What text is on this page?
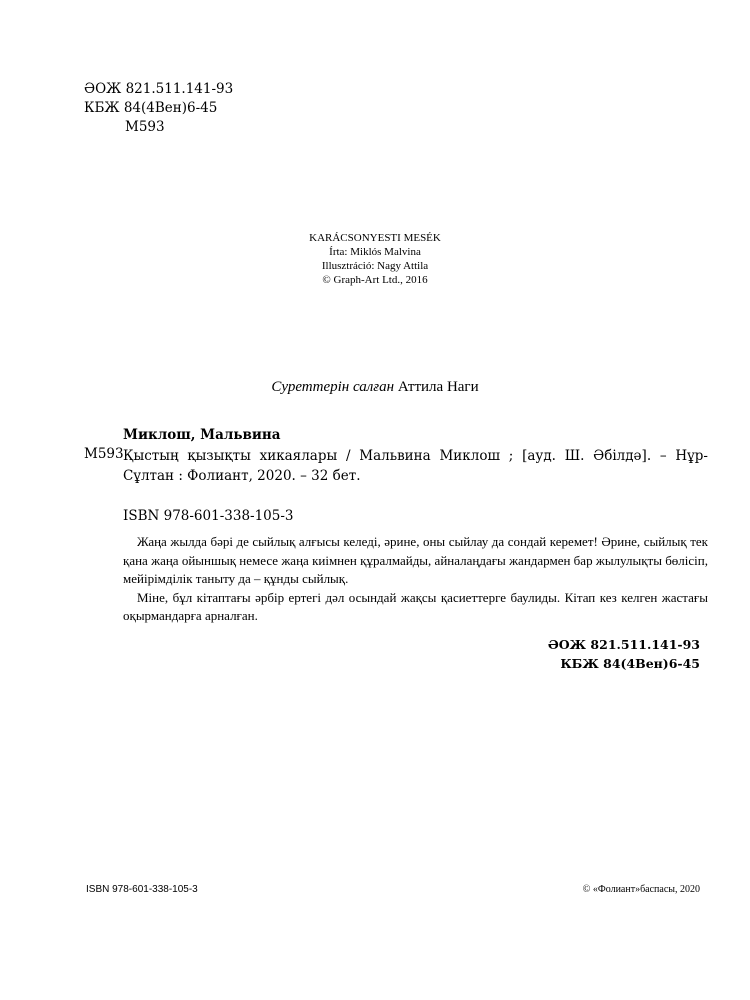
ӘОЖ 821.511.141-93
КБЖ 84(4Вен)6-45
М593
KARÁCSONYESTI MESÉK
Írta: Miklós Malvina
Illusztráció: Nagy Attila
© Graph-Art Ltd., 2016
Суреттерін салған Аттила Наги
Миклош, Мальвина
М593 Қыстың қызықты хикаялары / Мальвина Миклош ; [ауд. Ш. Әбілдә]. – Нұр-Сұлтан : Фолиант, 2020. – 32 бет.
ISBN 978-601-338-105-3

Жаңа жылда бәрі де сыйлық алғысы келеді, әрине, оны сыйлау да сондай керемет! Әрине, сыйлық тек қана жаңа ойыншық немесе жаңа киімнен құралмайды, айналаңдағы жандармен бар жылулықты бөлісіп, мейірімділік таныту да – құнды сыйлық.

Міне, бұл кітаптағы әрбір ертегі дәл осындай жақсы қасиеттерге баулиды. Кітап кез келген жастағы оқырмандарға арналған.

ӘОЖ 821.511.141-93
КБЖ 84(4Вен)6-45
ISBN 978-601-338-105-3	© «Фолиант»баспасы, 2020
